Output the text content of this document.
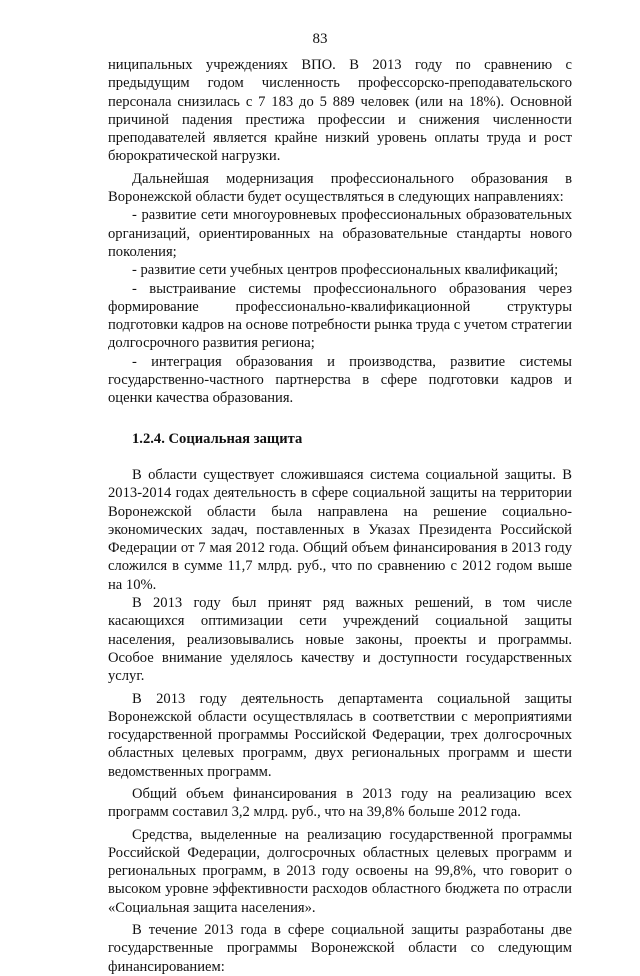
83

ниципальных учреждениях ВПО. В 2013 году по сравнению с предыдущим годом численность профессорско-преподавательского персонала снизилась с 7 183 до 5 889 человек (или на 18%). Основной причиной падения престижа профессии и снижения численности преподавателей является крайне низкий уровень оплаты труда и рост бюрократической нагрузки.

Дальнейшая модернизация профессионального образования в Воронежской области будет осуществляться в следующих направлениях:

- развитие сети многоуровневых профессиональных образовательных организаций, ориентированных на образовательные стандарты нового поколения;

- развитие сети учебных центров профессиональных квалификаций;

- выстраивание системы профессионального образования через формирование профессионально-квалификационной структуры подготовки кадров на основе потребности рынка труда с учетом стратегии долгосрочного развития региона;

- интеграция образования и производства, развитие системы государственно-частного партнерства в сфере подготовки кадров и оценки качества образования.

1.2.4. Социальная защита

В области существует сложившаяся система социальной защиты. В 2013-2014 годах деятельность в сфере социальной защиты на территории Воронежской области была направлена на решение социально-экономических задач, поставленных в Указах Президента Российской Федерации от 7 мая 2012 года. Общий объем финансирования в 2013 году сложился в сумме 11,7 млрд. руб., что по сравнению с 2012 годом выше на 10%.

В 2013 году был принят ряд важных решений, в том числе касающихся оптимизации сети учреждений социальной защиты населения, реализовывались новые законы, проекты и программы. Особое внимание уделялось качеству и доступности государственных услуг.

В 2013 году деятельность департамента социальной защиты Воронежской области осуществлялась в соответствии с мероприятиями государственной программы Российской Федерации, трех долгосрочных областных целевых программ, двух региональных программ и шести ведомственных программ.

Общий объем финансирования в 2013 году на реализацию всех программ составил 3,2 млрд. руб., что на 39,8% больше 2012 года.

Средства, выделенные на реализацию государственной программы Российской Федерации, долгосрочных областных целевых программ и региональных программ, в 2013 году освоены на 99,8%, что говорит о высоком уровне эффективности расходов областного бюджета по отрасли «Социальная защита населения».

В течение 2013 года в сфере социальной защиты разработаны две государственные программы Воронежской области со следующим финансированием:
